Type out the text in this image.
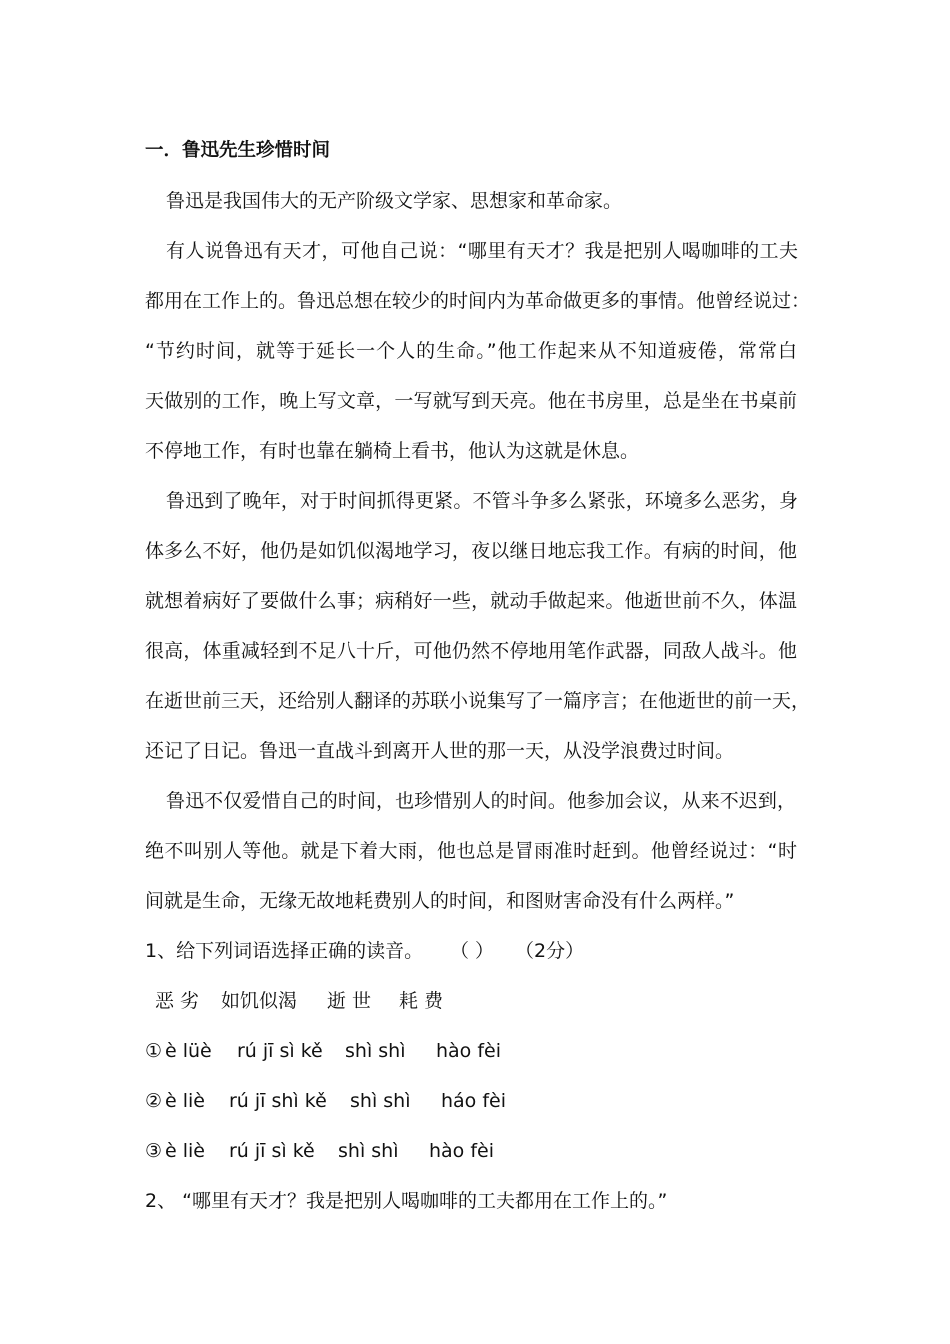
一．鲁迅先生珍惜时间
鲁迅是我国伟大的无产阶级文学家、思想家和革命家。
有人说鲁迅有天才，可他自己说：“哪里有天才？我是把别人喝咖啡的工夫
都用在工作上的。鲁迅总想在较少的时间内为革命做更多的事情。他曾经说过：
“节约时间，就等于延长一个人的生命。”他工作起来从不知道疲倦，常常白
天做别的工作，晚上写文章，一写就写到天亮。他在书房里，总是坐在书桌前
不停地工作，有时也靠在躺椅上看书，他认为这就是休息。
鲁迅到了晚年，对于时间抓得更紧。不管斗争多么紧张，环境多么恶劣，身
体多么不好，他仍是如饥似渴地学习，夜以继日地忘我工作。有病的时间，他
就想着病好了要做什么事；病稍好一些，就动手做起来。他逝世前不久，体温
很高，体重减轻到不足八十斤，可他仍然不停地用笔作武器，同敌人战斗。他
在逝世前三天，还给别人翻译的苏联小说集写了一篇序言；在他逝世的前一天，
还记了日记。鲁迅一直战斗到离开人世的那一天，从没学浪费过时间。
鲁迅不仅爱惜自己的时间，也珍惜别人的时间。他参加会议，从来不迟到，
绝不叫别人等他。就是下着大雨，他也总是冒雨准时赶到。他曾经说过：“时
间就是生命，无缘无故地耗费别人的时间，和图财害命没有什么两样。”
1、给下列词语选择正确的读音。 （ ） （2分）
恶 劣 如饥似渴 逝 世 耗 费
① è lüè rú jī sì kě shì shì hào fèi
② è liè rú jī shì kě shì shì háo fèi
③ è liè rú jī sì kě shì shì hào fèi
2、 “哪里有天才？我是把别人喝咖啡的工夫都用在工作上的。”
